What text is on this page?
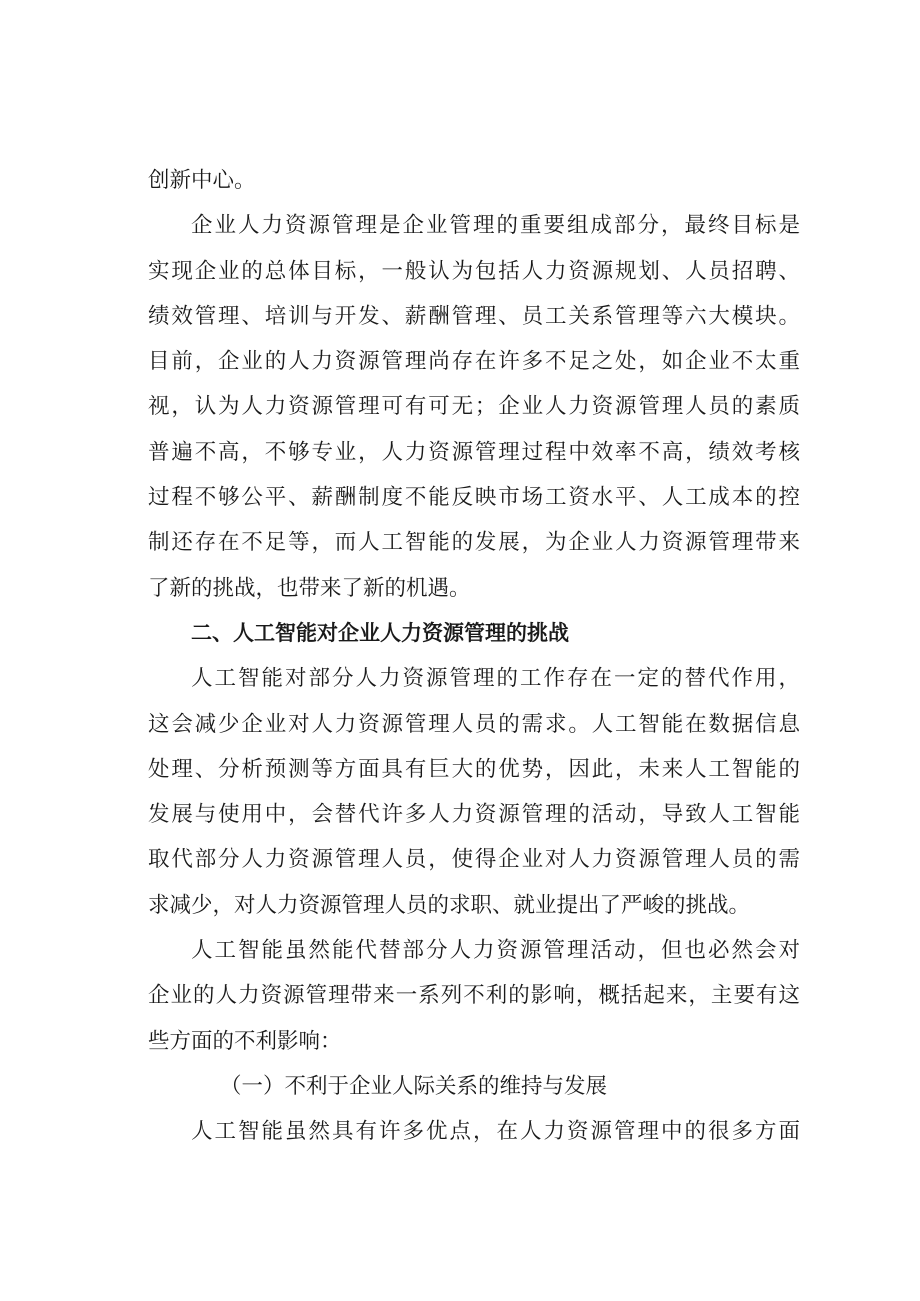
创新中心。
企业人力资源管理是企业管理的重要组成部分，最终目标是
实现企业的总体目标，一般认为包括人力资源规划、人员招聘、
绩效管理、培训与开发、薪酬管理、员工关系管理等六大模块。
目前，企业的人力资源管理尚存在许多不足之处，如企业不太重
视，认为人力资源管理可有可无；企业人力资源管理人员的素质
普遍不高，不够专业，人力资源管理过程中效率不高，绩效考核
过程不够公平、薪酬制度不能反映市场工资水平、人工成本的控
制还存在不足等，而人工智能的发展，为企业人力资源管理带来
了新的挑战，也带来了新的机遇。
二、人工智能对企业人力资源管理的挑战
人工智能对部分人力资源管理的工作存在一定的替代作用，
这会减少企业对人力资源管理人员的需求。人工智能在数据信息
处理、分析预测等方面具有巨大的优势，因此，未来人工智能的
发展与使用中，会替代许多人力资源管理的活动，导致人工智能
取代部分人力资源管理人员，使得企业对人力资源管理人员的需
求减少，对人力资源管理人员的求职、就业提出了严峻的挑战。
人工智能虽然能代替部分人力资源管理活动，但也必然会对
企业的人力资源管理带来一系列不利的影响，概括起来，主要有这
些方面的不利影响：
（一）不利于企业人际关系的维持与发展
人工智能虽然具有许多优点，在人力资源管理中的很多方面
